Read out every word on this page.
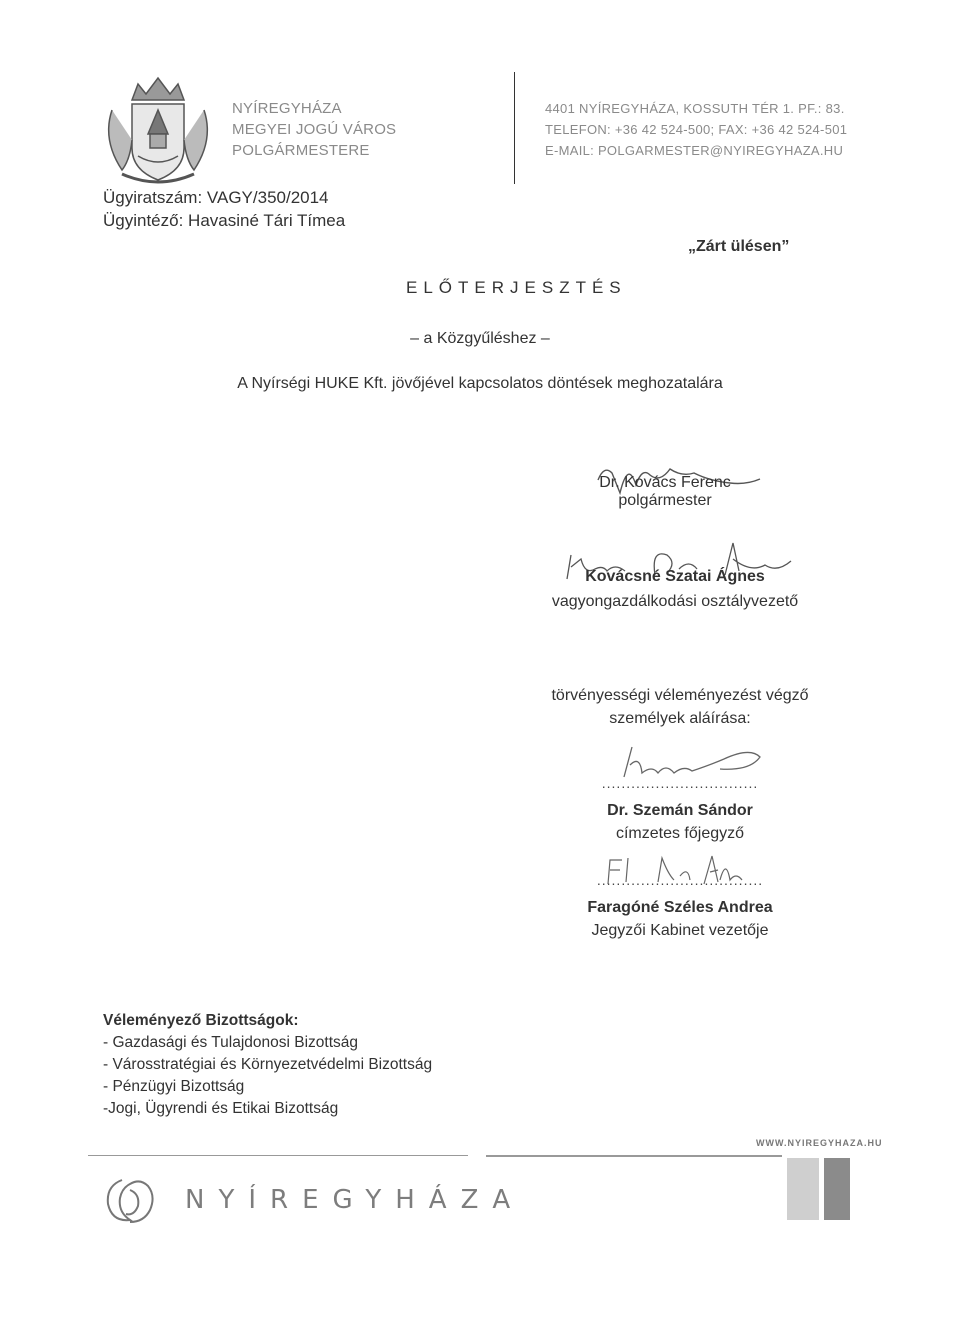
NYÍREGYHÁZA
MEGYEI JOGÚ VÁROS
POLGÁRMESTERE
4401 NYÍREGYHÁZA, KOSSUTH TÉR 1. PF.: 83.
TELEFON: +36 42 524-500; FAX: +36 42 524-501
E-MAIL: POLGARMESTER@NYIREGYHAZA.HU
Ügyiratszám: VAGY/350/2014
Ügyintéző: Havasiné Tári Tímea
„Zárt ülésen”
ELŐTERJESZTÉS
– a Közgyűléshez –
A Nyírségi HUKE Kft. jövőjével kapcsolatos döntések meghozatalára
Dr. Kovács Ferenc
polgármester
Kovácsné Szatai Ágnes
vagyongazdálkodási osztályvezető
törvényességi véleményezést végző
személyek aláírása:
................................
Dr. Szemán Sándor
címzetes főjegyző
..................................
Faragóné Széles Andrea
Jegyzői Kabinet vezetője
Véleményező Bizottságok:
- Gazdasági és Tulajdonosi Bizottság
- Városstratégiai és Környezetvédelmi Bizottság
- Pénzügyi Bizottság
-Jogi, Ügyrendi és Etikai Bizottság
WWW.NYIREGYHAZA.HU
NYÍREGYHÁZA
